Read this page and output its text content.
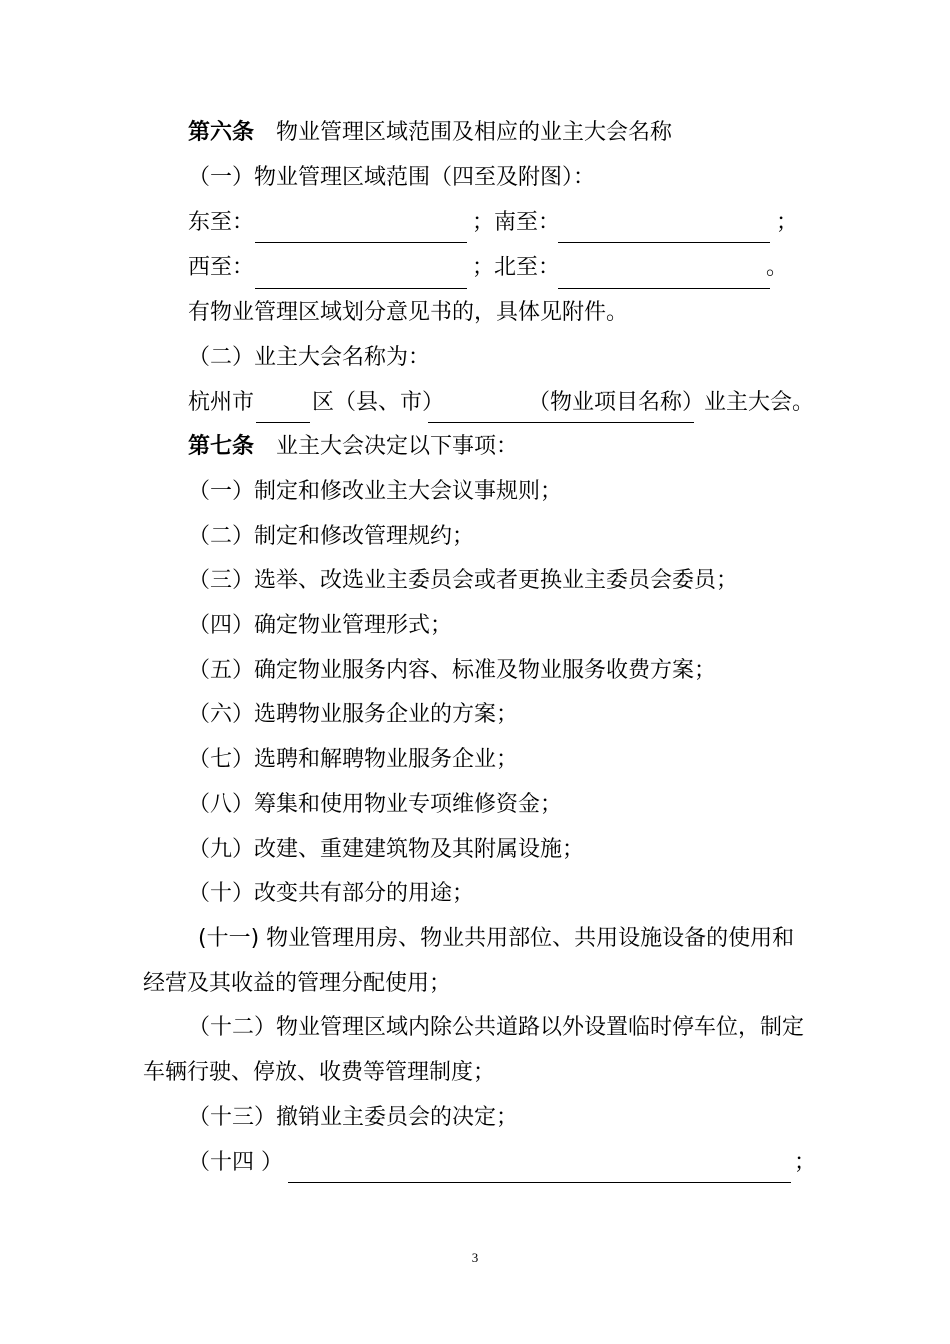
第六条 物业管理区域范围及相应的业主大会名称
（一）物业管理区域范围（四至及附图）：
东至：	；南至：	；
西至：	；北至：	。
有物业管理区域划分意见书的，具体见附件。
（二）业主大会名称为：
杭州市	区（县、市）	（物业项目名称）业主大会 。
第七条 业主大会决定以下事项：
（一）制定和修改业主大会议事规则；
（二）制定和修改管理规约；
（三）选举、改选业主委员会或者更换业主委员会委员；
（四）确定物业管理形式；
（五）确定物业服务内容、标准及物业服务收费方案；
（六）选聘物业服务企业的方案；
（七）选聘和解聘物业服务企业；
（八）筹集和使用物业专项维修资金；
（九）改建、重建建筑物及其附属设施；
（十）改变共有部分的用途；
(十一) 物业管理用房、物业共用部位、共用设施设备的使用和
经营及其收益的管理分配使用；
（十二）物业管理区域内除公共道路以外设置临时停车位，制定
车辆行驶、停放、收费等管理制度；
（十三）撤销业主委员会的决定；
（十四 ）	；
3
